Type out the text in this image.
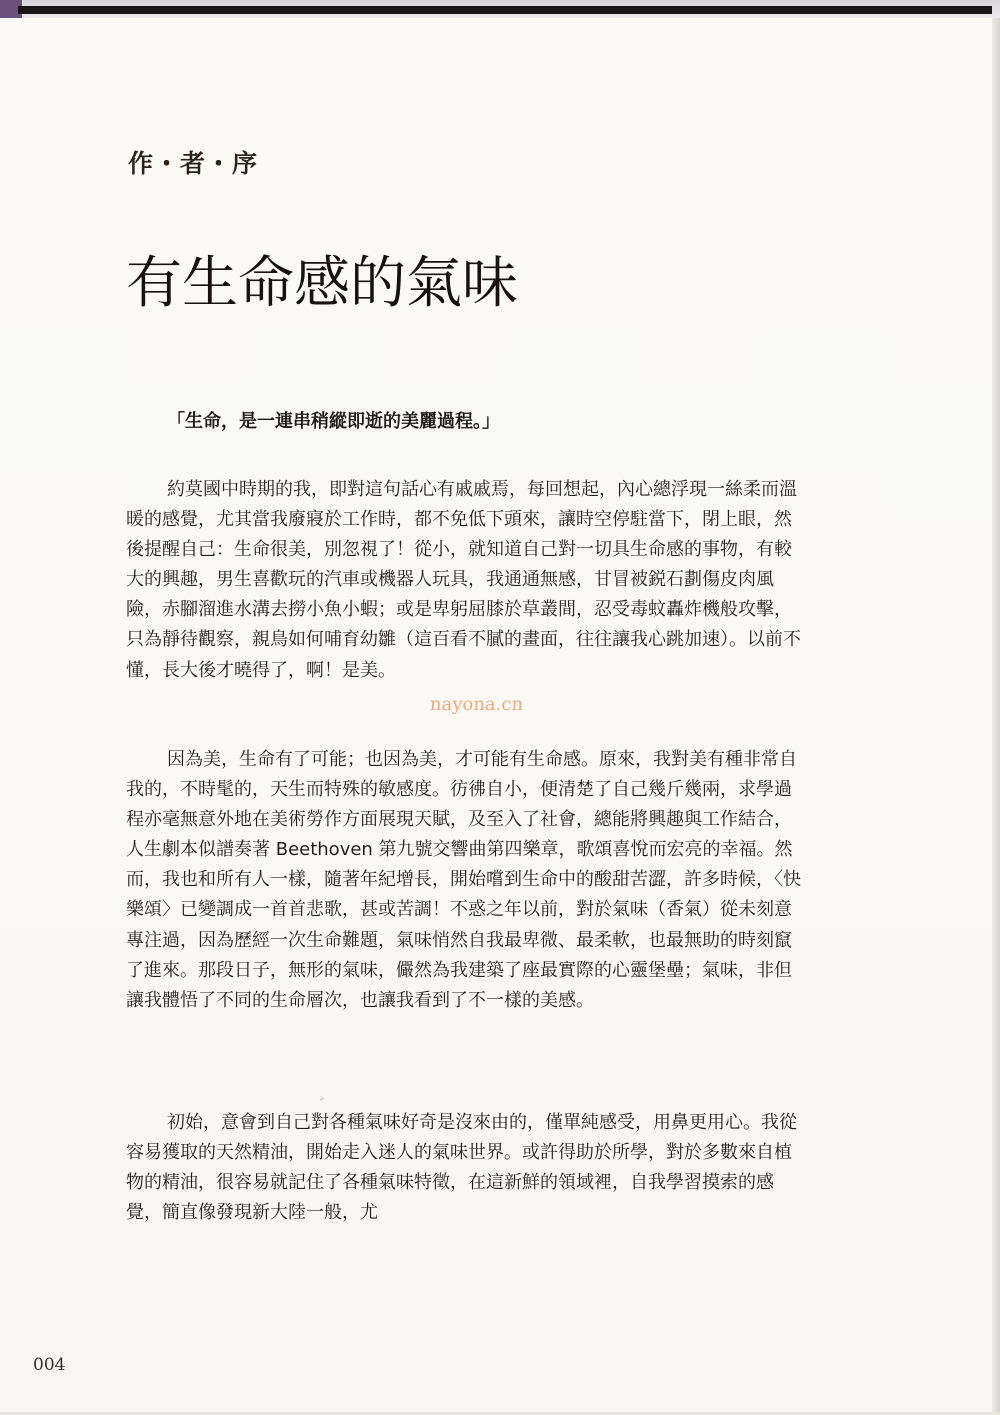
作・者・序
有生命感的氣味
「生命，是一連串稍縱即逝的美麗過程。」

約莫國中時期的我，即對這句話心有戚戚焉，每回想起，內心總浮現一絲柔而溫暖的感覺，尤其當我廢寢於工作時，都不免低下頭來，讓時空停駐當下，閉上眼，然後提醒自己：生命很美，別忽視了！從小，就知道自己對一切具生命感的事物，有較大的興趣，男生喜歡玩的汽車或機器人玩具，我通通無感，甘冒被鋭石劃傷皮肉風險，赤腳溜進水溝去撈小魚小蝦；或是卑躬屈膝於草叢間，忍受毒蚊轟炸機般攻擊，只為靜待觀察，親鳥如何哺育幼雛（這百看不膩的畫面，往往讓我心跳加速）。以前不懂，長大後才曉得了，啊！是美。

nayona.cn

因為美，生命有了可能；也因為美，才可能有生命感。原來，我對美有種非常自我的，不時髦的，天生而特殊的敏感度。彷彿自小，便清楚了自己幾斤幾兩，求學過程亦毫無意外地在美術勞作方面展現天賦，及至入了社會，總能將興趣與工作結合，人生劇本似譜奏著 Beethoven 第九號交響曲第四樂章，歌頌喜悅而宏亮的幸福。然而，我也和所有人一樣，隨著年紀增長，開始嚐到生命中的酸甜苦澀，許多時候，〈快樂頌〉已變調成一首首悲歌，甚或苦調！不惑之年以前，對於氣味（香氣）從未刻意專注過，因為歷經一次生命難題，氣味悄然自我最卑微、最柔軟，也最無助的時刻竄了進來。那段日子，無形的氣味，儼然為我建築了座最實際的心靈堡壘；氣味，非但讓我體悟了不同的生命層次，也讓我看到了不一樣的美感。

初始，意會到自己對各種氣味好奇是沒來由的，僅單純感受，用鼻更用心。我從容易獲取的天然精油，開始走入迷人的氣味世界。或許得助於所學，對於多數來自植物的精油，很容易就記住了各種氣味特徵，在這新鮮的領域裡，自我學習摸索的感覺，簡直像發現新大陸一般，尤

004
